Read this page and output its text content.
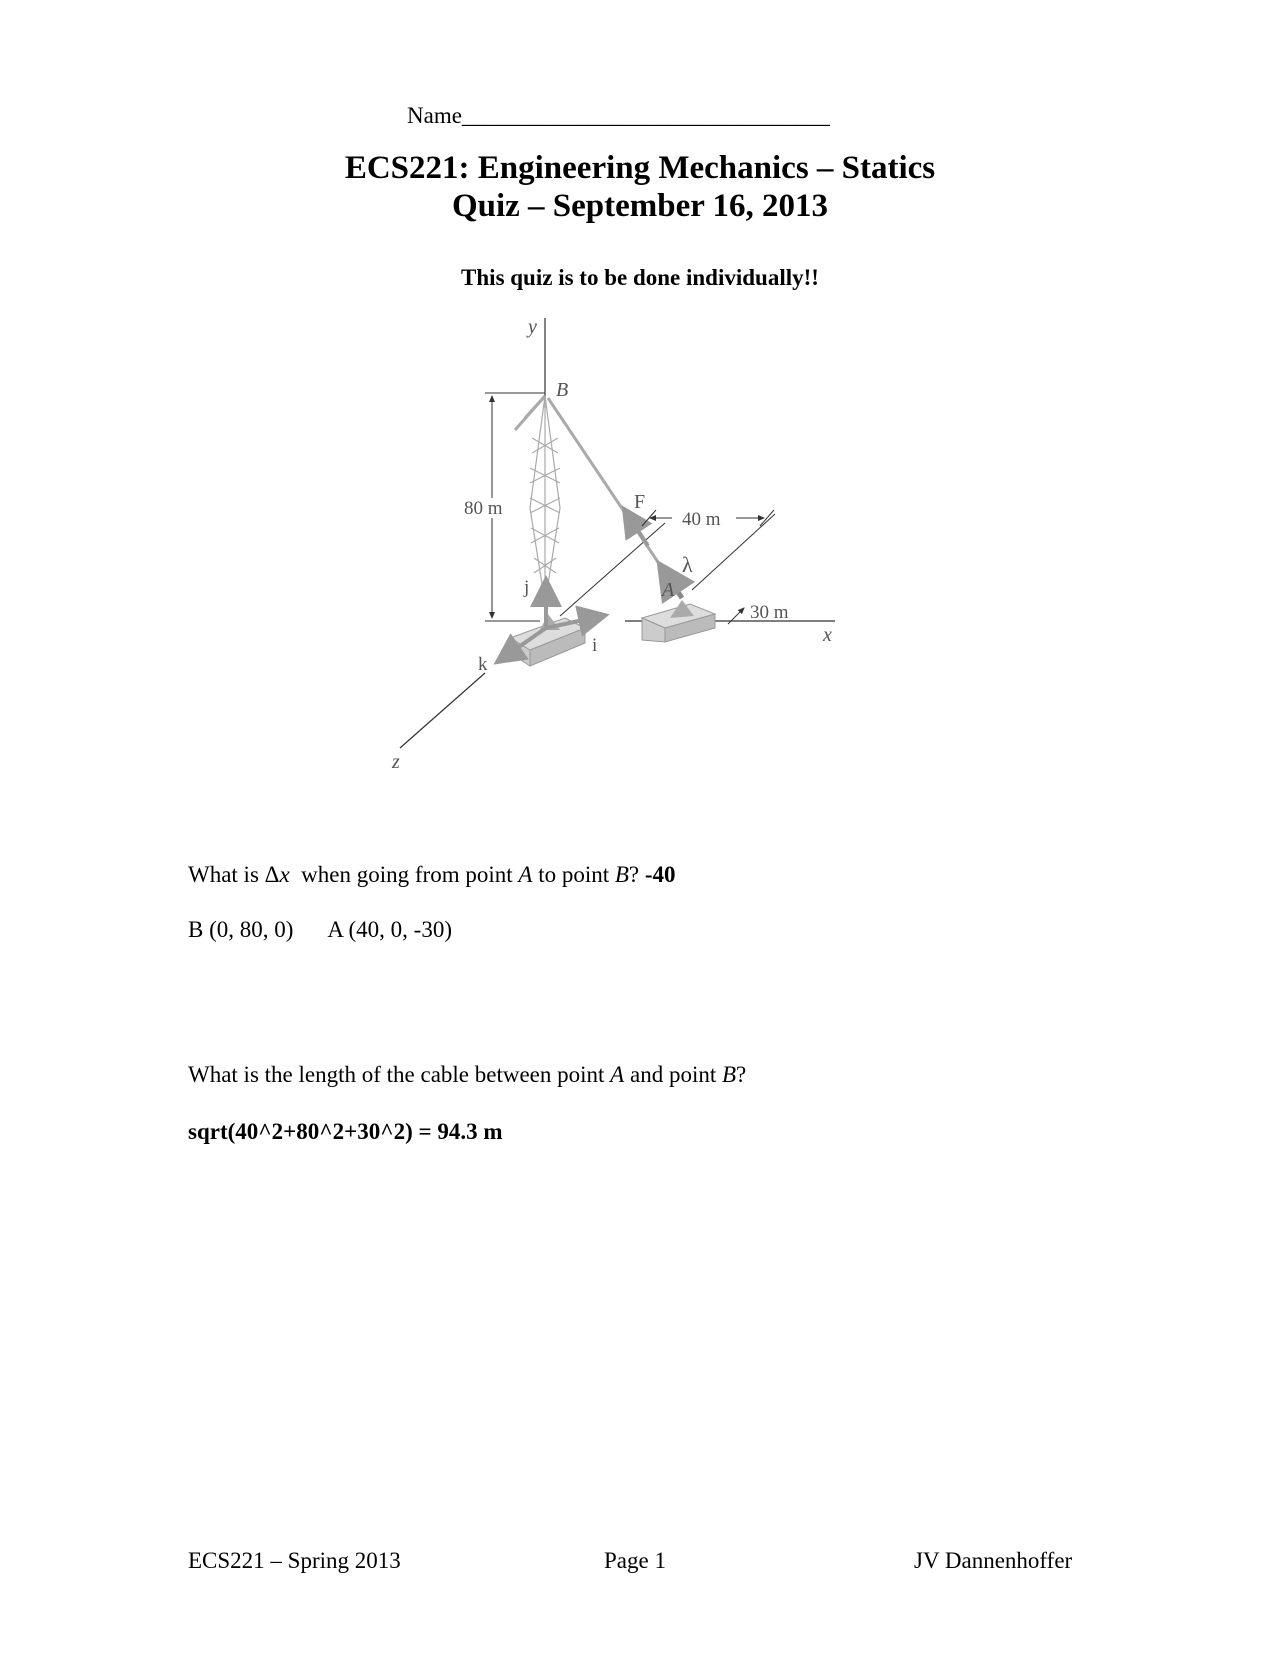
Name________________________________
ECS221: Engineering Mechanics – Statics
Quiz – September 16, 2013
This quiz is to be done individually!!
y
x
z
B
A
F
λ
i
j
k
80 m
40 m
30 m
What is Δx  when going from point A to point B? -40
B (0, 80, 0) A (40, 0, -30)
What is the length of the cable between point A and point B?
sqrt(40^2+80^2+30^2) = 94.3 m
ECS221 – Spring 2013	Page 1	JV Dannenhoffer
